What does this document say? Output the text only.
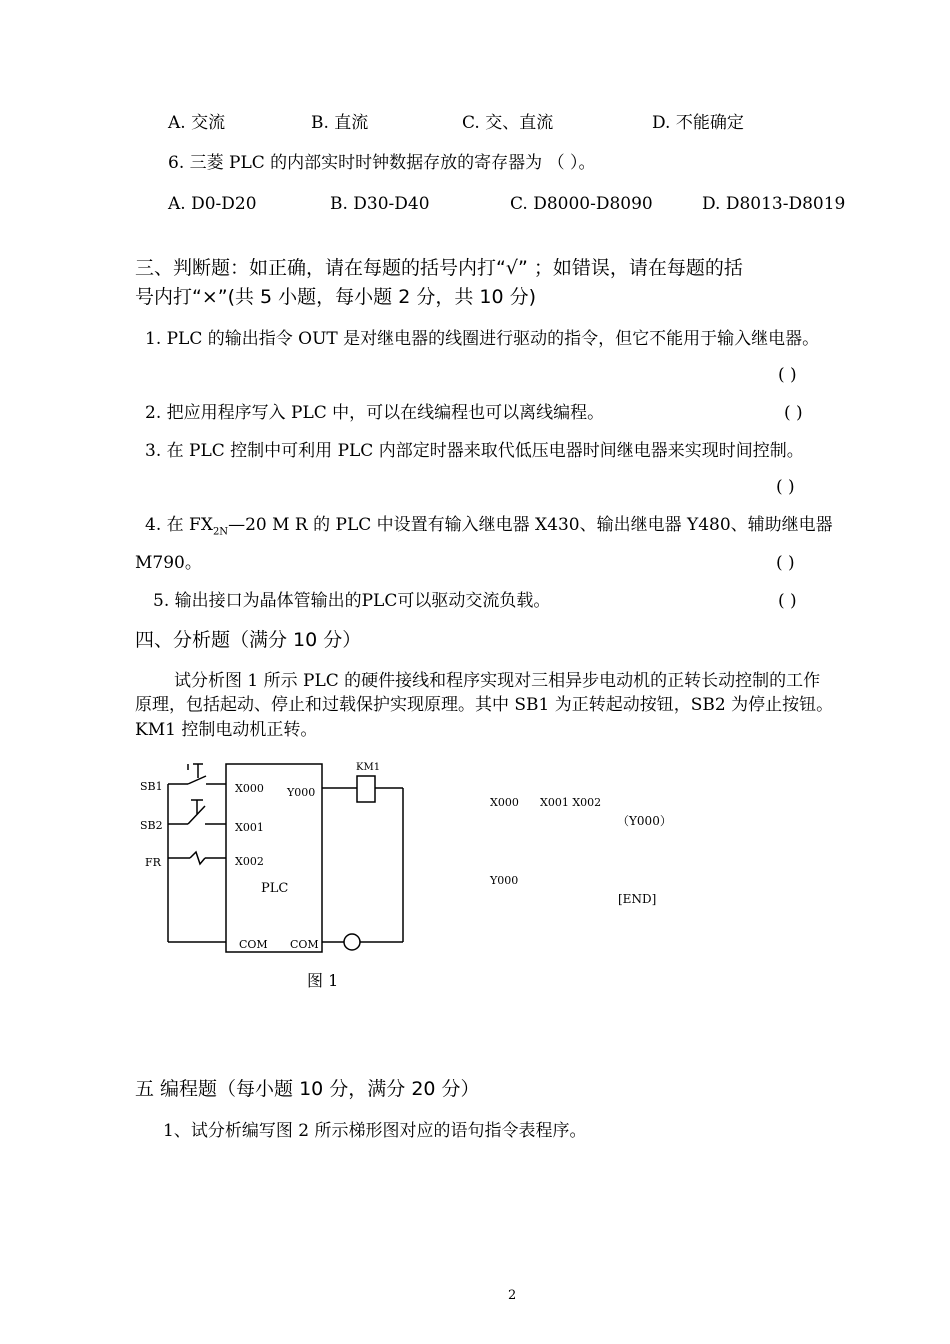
A. 交流	B. 直流	C. 交、直流	D. 不能确定
6. 三菱 PLC 的内部实时时钟数据存放的寄存器为 （ ）。
A. D0-D20	B. D30-D40	C. D8000-D8090	D. D8013-D8019
三、判断题：如正确，请在每题的括号内打“√” ；如错误，请在每题的括
号内打“×”(共 5 小题，每小题 2 分，共 10 分)
1. PLC 的输出指令 OUT 是对继电器的线圈进行驱动的指令，但它不能用于输入继电器。
( )
2. 把应用程序写入 PLC 中，可以在线编程也可以离线编程。	( )
3. 在 PLC 控制中可利用 PLC 内部定时器来取代低压电器时间继电器来实现时间控制。
( )
4. 在 $FX_{2N}—20$ M R 的 PLC 中设置有输入继电器 X430、输出继电器 Y480、辅助继电器
M790。	( )
5. 输出接口为晶体管输出的PLC可以驱动交流负载。	( )
四、分析题（满分 10 分）
试分析图 1 所示 PLC 的硬件接线和程序实现对三相异步电动机的正转长动控制的工作
原理，包括起动、停止和过载保护实现原理。其中 SB1 为正转起动按钮，SB2 为停止按钮。
KM1 控制电动机正转。
SB1
SB2
FR
X000
X001
X002
Y000
PLC
COM COM
KM1
图 1
X000 X001 X002
（Y000）
Y000
[END]
五 编程题（每小题 10 分，满分 20 分）
1、试分析编写图 2 所示梯形图对应的语句指令表程序。
2
